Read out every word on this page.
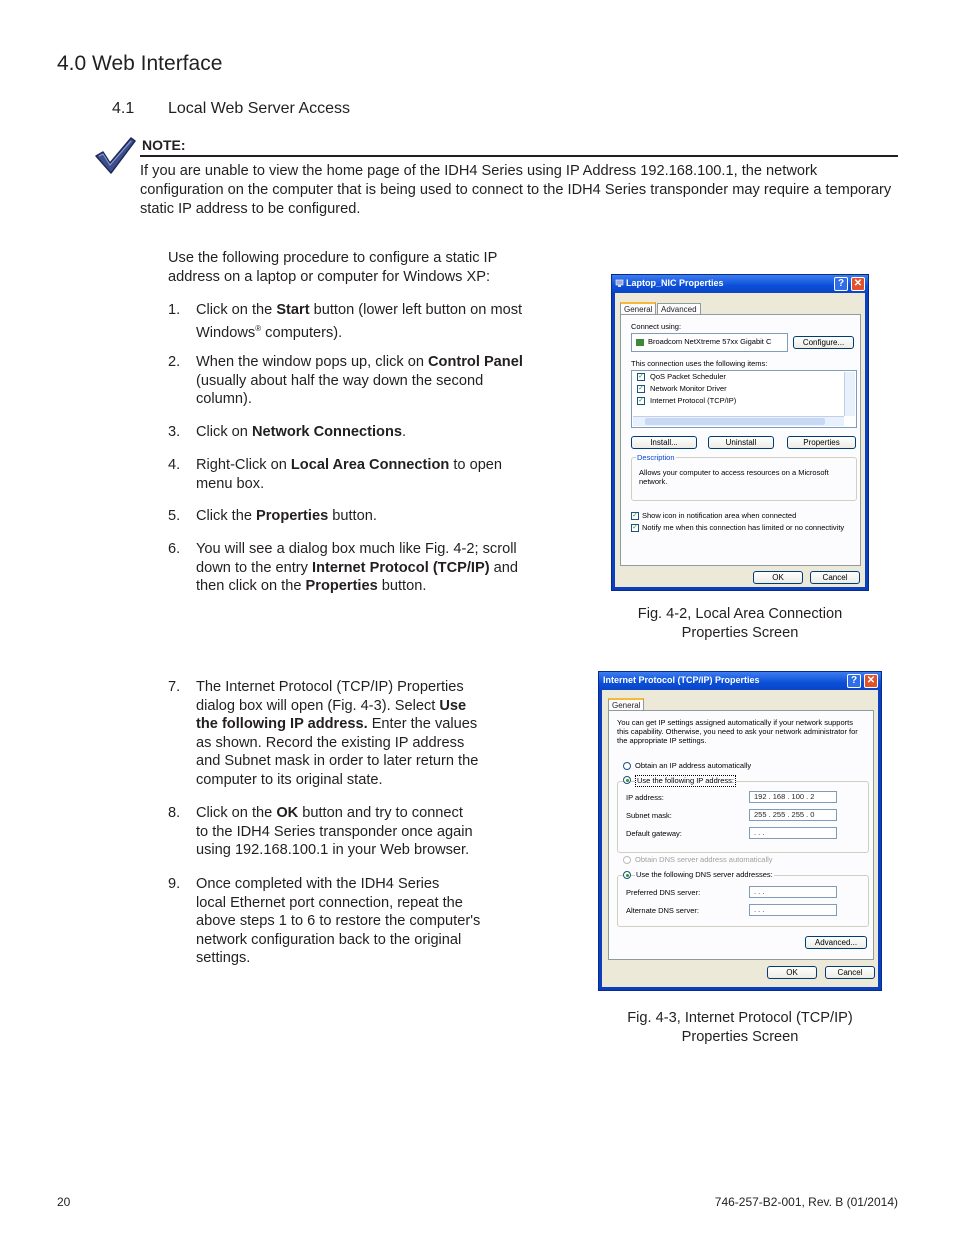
4.0 Web Interface
4.1 Local Web Server Access
NOTE:
If you are unable to view the home page of the IDH4 Series using IP Address 192.168.100.1, the network configuration on the computer that is being used to connect to the IDH4 Series transponder may require a temporary static IP address to be configured.
Use the following procedure to configure a static IP address on a laptop or computer for Windows XP:
1. Click on the Start button (lower left button on most
Windows® computers).
2. When the window pops up, click on Control Panel
(usually about half the way down the second
column).
3. Click on Network Connections.
4. Right-Click on Local Area Connection to open
menu box.
5. Click the Properties button.
6. You will see a dialog box much like Fig. 4-2; scroll
down to the entry Internet Protocol (TCP/IP) and
then click on the Properties button.
7. The Internet Protocol (TCP/IP) Properties
dialog box will open (Fig. 4-3). Select Use
the following IP address. Enter the values
as shown. Record the existing IP address
and Subnet mask in order to later return the
computer to its original state.
8. Click on the OK button and try to connect
to the IDH4 Series transponder once again
using 192.168.100.1 in your Web browser.
9. Once completed with the IDH4 Series
local Ethernet port connection, repeat the
above steps 1 to 6 to restore the computer's
network configuration back to the original
settings.
Laptop_NIC Properties	? ✕
General	Advanced
Connect using:
Broadcom NetXtreme 57xx Gigabit C	Configure...
This connection uses the following items:
✓ QoS Packet Scheduler
✓ Network Monitor Driver
✓ Internet Protocol (TCP/IP)
Install...	Uninstall	Properties
Description
Allows your computer to access resources on a Microsoft
network.
✓ Show icon in notification area when connected
✓ Notify me when this connection has limited or no connectivity
OK	Cancel
Fig. 4-2, Local Area Connection
Properties Screen
Internet Protocol (TCP/IP) Properties	? ✕
General
You can get IP settings assigned automatically if your network supports
this capability. Otherwise, you need to ask your network administrator for
the appropriate IP settings.
Obtain an IP address automatically
Use the following IP address:
IP address:	192 . 168 . 100 . 2
Subnet mask:	255 . 255 . 255 . 0
Default gateway:	. . .
Obtain DNS server address automatically
Use the following DNS server addresses:
Preferred DNS server:	. . .
Alternate DNS server:	. . .
Advanced...
OK	Cancel
Fig. 4-3, Internet Protocol (TCP/IP)
Properties Screen
20	746-257-B2-001, Rev. B (01/2014)
